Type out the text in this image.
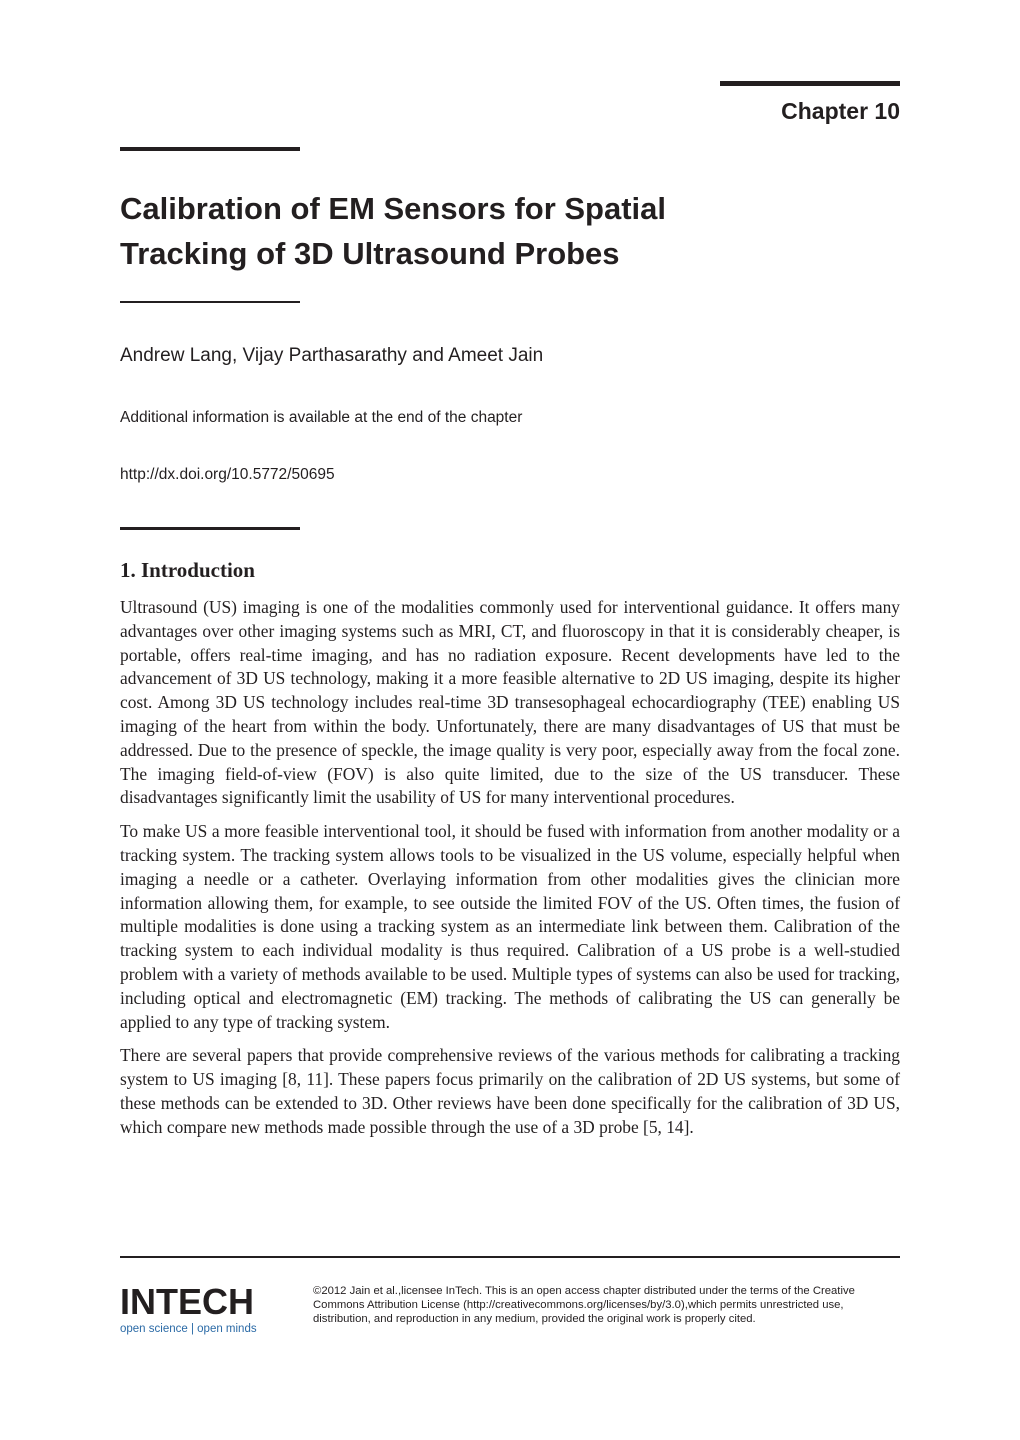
Chapter 10
Calibration of EM Sensors for Spatial
Tracking of 3D Ultrasound Probes
Andrew Lang, Vijay Parthasarathy and Ameet Jain
Additional information is available at the end of the chapter
http://dx.doi.org/10.5772/50695
1. Introduction

Ultrasound (US) imaging is one of the modalities commonly used for interventional guidance. It offers many advantages over other imaging systems such as MRI, CT, and fluoroscopy in that it is considerably cheaper, is portable, offers real-time imaging, and has no radiation exposure. Recent developments have led to the advancement of 3D US technology, making it a more feasible alternative to 2D US imaging, despite its higher cost. Among 3D US technology includes real-time 3D transesophageal echocardiography (TEE) enabling US imaging of the heart from within the body. Unfortunately, there are many disadvantages of US that must be addressed. Due to the presence of speckle, the image quality is very poor, especially away from the focal zone. The imaging field-of-view (FOV) is also quite limited, due to the size of the US transducer. These disadvantages significantly limit the usability of US for many interventional procedures.

To make US a more feasible interventional tool, it should be fused with information from another modality or a tracking system. The tracking system allows tools to be visualized in the US volume, especially helpful when imaging a needle or a catheter. Overlaying information from other modalities gives the clinician more information allowing them, for example, to see outside the limited FOV of the US. Often times, the fusion of multiple modalities is done using a tracking system as an intermediate link between them. Calibration of the tracking system to each individual modality is thus required. Calibration of a US probe is a well-studied problem with a variety of methods available to be used. Multiple types of systems can also be used for tracking, including optical and electromagnetic (EM) tracking. The methods of calibrating the US can generally be applied to any type of tracking system.

There are several papers that provide comprehensive reviews of the various methods for calibrating a tracking system to US imaging [8, 11]. These papers focus primarily on the calibration of 2D US systems, but some of these methods can be extended to 3D. Other reviews have been done specifically for the calibration of 3D US, which compare new methods made possible through the use of a 3D probe [5, 14].

INTECH
open science | open minds
©2012 Jain et al.,licensee InTech. This is an open access chapter distributed under the terms of the Creative Commons Attribution License (http://creativecommons.org/licenses/by/3.0),which permits unrestricted use, distribution, and reproduction in any medium, provided the original work is properly cited.
